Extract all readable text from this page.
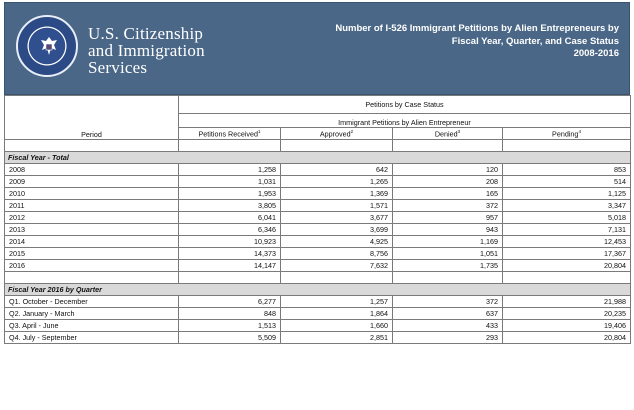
U.S. Citizenship
and Immigration
Services
Number of I-526 Immigrant Petitions by Alien Entrepreneurs by
Fiscal Year, Quarter, and Case Status
2008-2016
Period	Petitions by Case Status			
	Immigrant Petitions by Alien Entrepreneur			
	Petitions Received$^1$	Approved$^2$	Denied$^3$	Pending$^4$

Fiscal Year - Total				
2008	1,258	642	120	853
2009	1,031	1,265	208	514
2010	1,953	1,369	165	1,125
2011	3,805	1,571	372	3,347
2012	6,041	3,677	957	5,018
2013	6,346	3,699	943	7,131
2014	10,923	4,925	1,169	12,453
2015	14,373	8,756	1,051	17,367
2016	14,147	7,632	1,735	20,804

Fiscal Year 2016 by Quarter				
Q1. October - December	6,277	1,257	372	21,988
Q2. January - March	848	1,864	637	20,235
Q3. April - June	1,513	1,660	433	19,406
Q4. July - September	5,509	2,851	293	20,804
